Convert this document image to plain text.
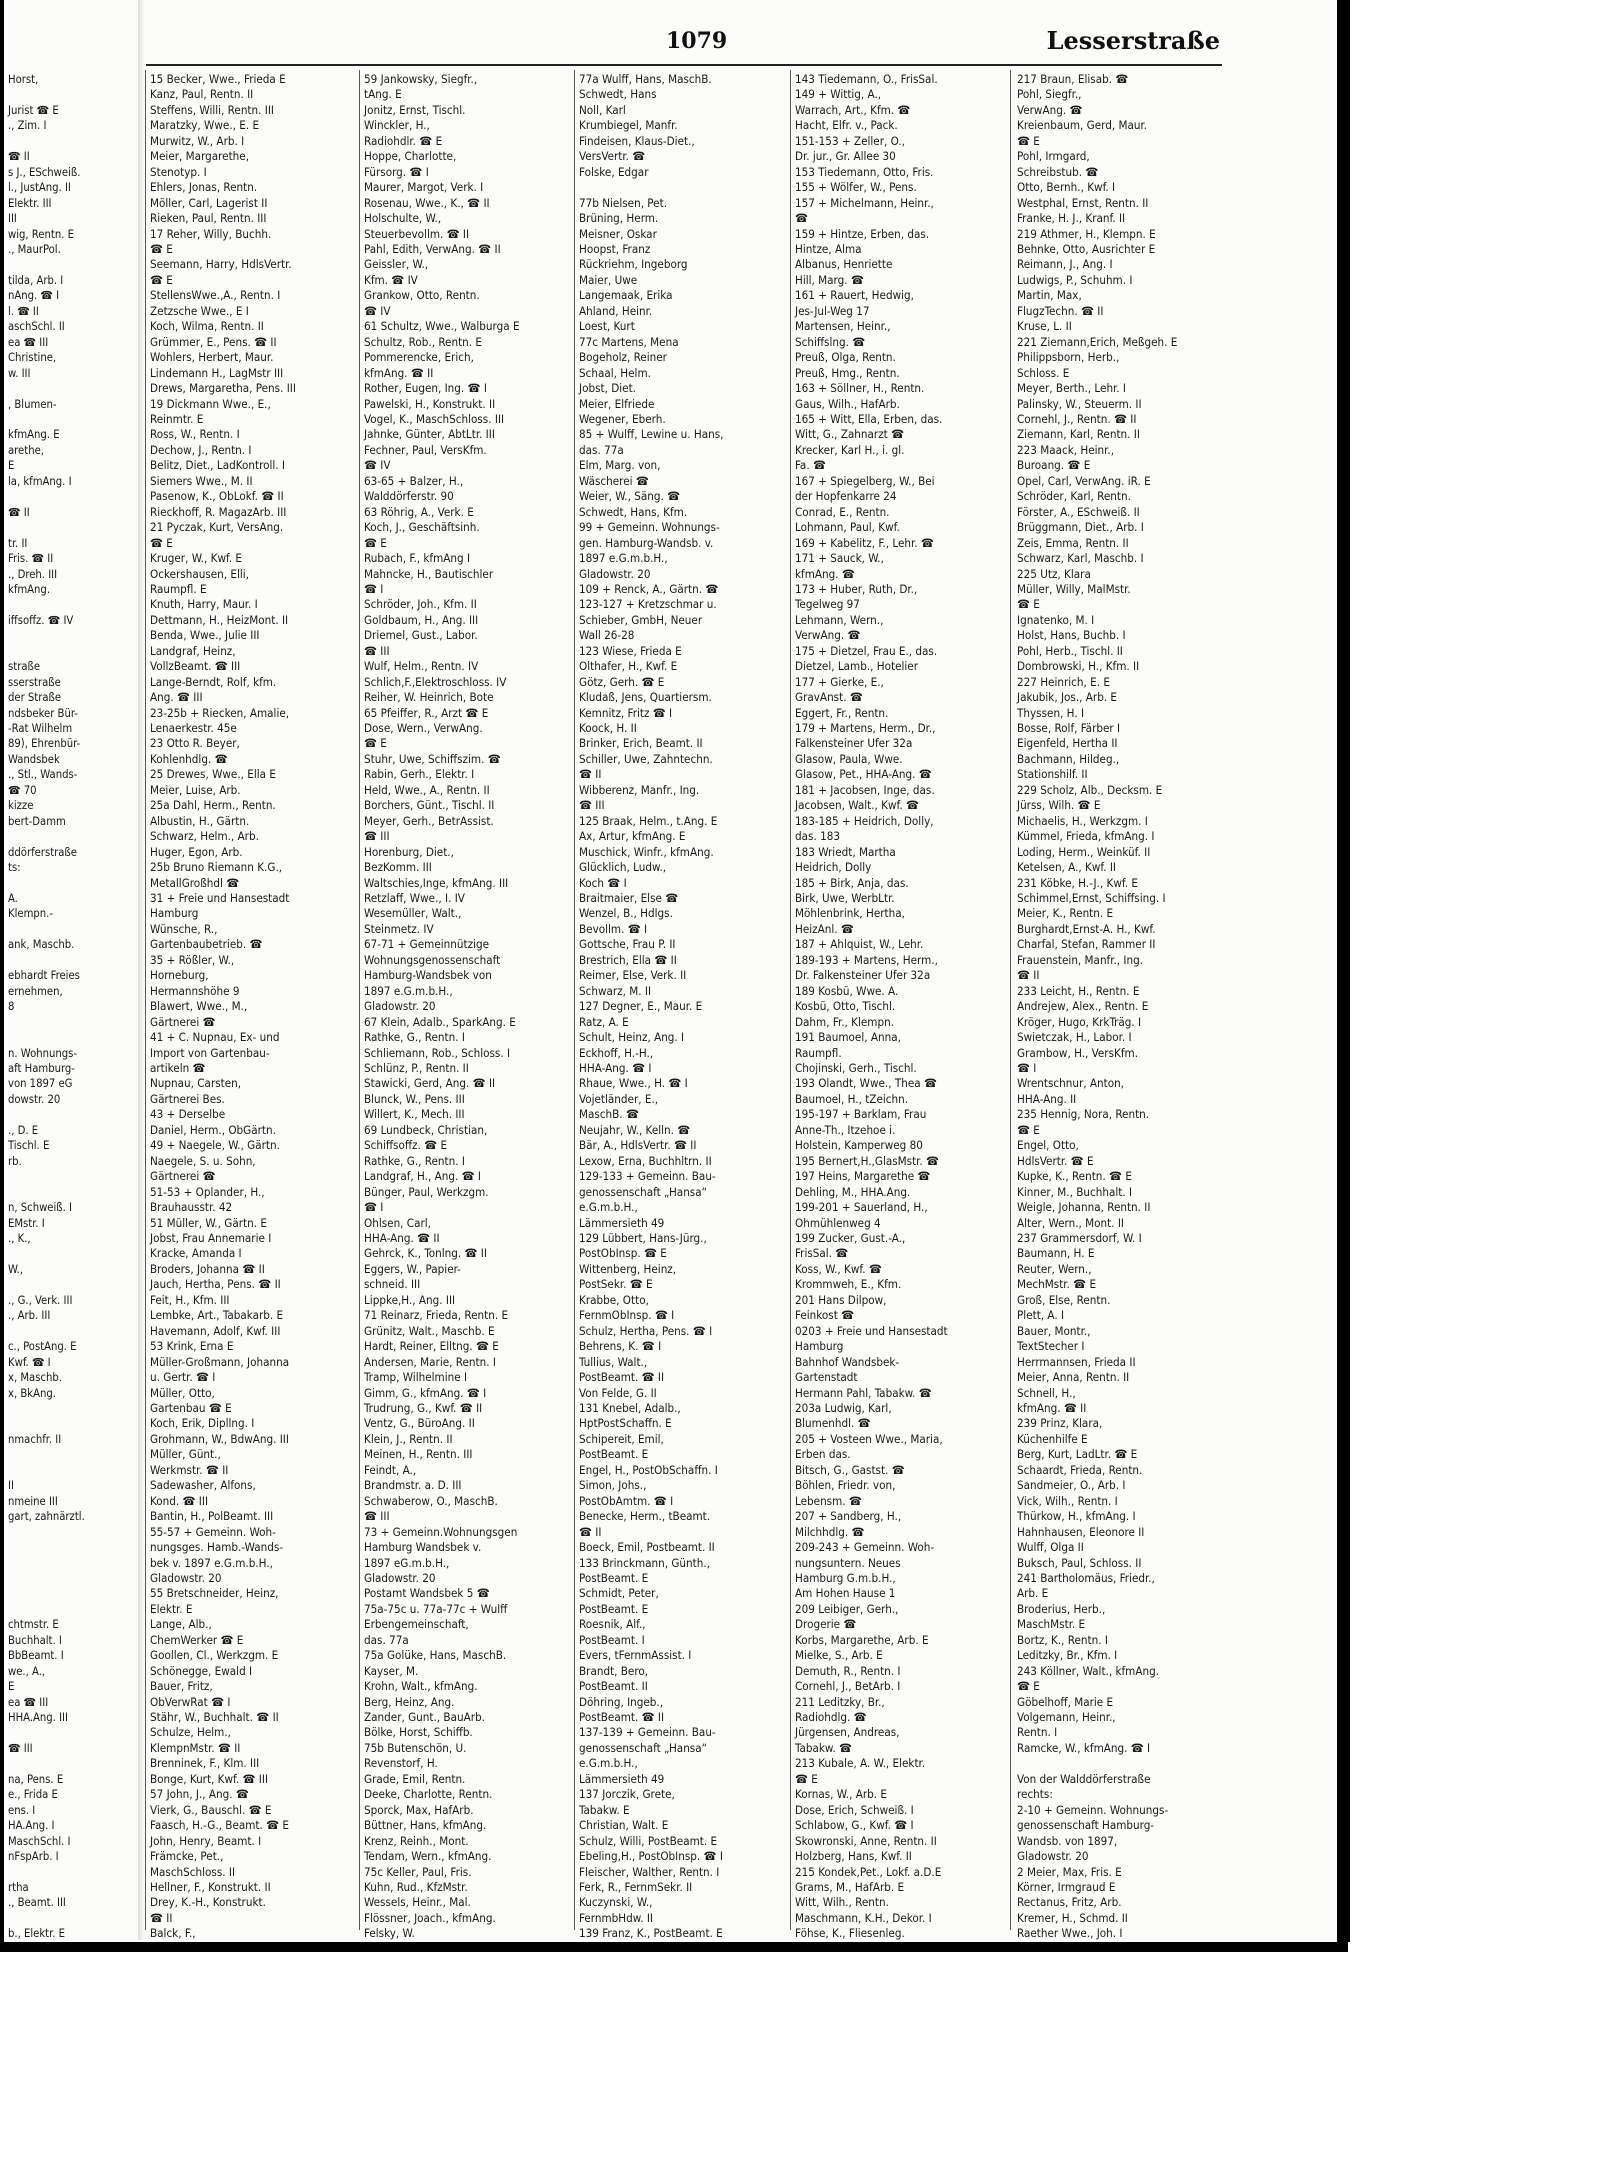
1079	Lesserstraße
Horst,

Jurist ☎ E
., Zim. I

☎ II
s J., ESchweiß.
l., JustAng. II
Elektr. III
III
wig, Rentn. E
., MaurPol.

tilda, Arb. I
nAng. ☎ I
l. ☎ II
aschSchl. II
ea ☎ III
Christine,
w. III

, Blumen-

kfmAng. E
arethe,
E
la, kfmAng. I

☎ II

tr. II
Fris. ☎ II
., Dreh. III
kfmAng.

iffsoffz. ☎ IV

straße
sserstraße
der Straße
ndsbeker Bür-
-Rat Wilhelm
89), Ehrenbür-
Wandsbek
., Stl., Wands-
☎ 70
kizze
bert-Damm

ddörferstraße
ts:

A.
Klempn.-

ank, Maschb.

ebhardt Freies
ernehmen,
8

n. Wohnungs-
aft Hamburg-
von 1897 eG
dowstr. 20

., D. E
Tischl. E
rb.

n, Schweiß. I
EMstr. I
., K.,

W.,

., G., Verk. III
., Arb. III

c., PostAng. E
Kwf. ☎ I
x, Maschb.
x, BkAng.

nmachfr. II

II
nmeine III
gart, zahnärztl.

chtmstr. E
Buchhalt. I
BbBeamt. I
we., A.,
E
ea ☎ III
HHA.Ang. III

☎ III

na, Pens. E
e., Frida E
ens. I
HA.Ang. I
MaschSchl. I
nFspArb. I

rtha
., Beamt. III

b., Elektr. E

15 Becker, Wwe., Frieda E
Kanz, Paul, Rentn. II
Steffens, Willi, Rentn. III
Maratzky, Wwe., E. E
Murwitz, W., Arb. I
Meier, Margarethe,
Stenotyp. I
Ehlers, Jonas, Rentn.
Möller, Carl, Lagerist II
Rieken, Paul, Rentn. III
17 Reher, Willy, Buchh.
☎ E
Seemann, Harry, HdlsVertr.
☎ E
StellensWwe.,A., Rentn. I
Zetzsche Wwe., E I
Koch, Wilma, Rentn. II
Grümmer, E., Pens. ☎ II
Wohlers, Herbert, Maur.
Lindemann H., LagMstr III
Drews, Margaretha, Pens. III
19 Dickmann Wwe., E.,
Reinmtr. E
Ross, W., Rentn. I
Dechow, J., Rentn. I
Belitz, Diet., LadKontroll. I
Siemers Wwe., M. II
Pasenow, K., ObLokf. ☎ II
Rieckhoff, R. MagazArb. III
21 Pyczak, Kurt, VersAng.
☎ E
Kruger, W., Kwf. E
Ockershausen, Elli,
Raumpfl. E
Knuth, Harry, Maur. I
Dettmann, H., HeizMont. II
Benda, Wwe., Julie III
Landgraf, Heinz,
VollzBeamt. ☎ III
Lange-Berndt, Rolf, kfm.
Ang. ☎ III
23-25b + Riecken, Amalie,
Lenaerkestr. 45e
23 Otto R. Beyer,
Kohlenhdlg. ☎
25 Drewes, Wwe., Ella E
Meier, Luise, Arb.
25a Dahl, Herm., Rentn.
Albustin, H., Gärtn.
Schwarz, Helm., Arb.
Huger, Egon, Arb.
25b Bruno Riemann K.G.,
MetallGroßhdl ☎
31 + Freie und Hansestadt
Hamburg
Wünsche, R.,
Gartenbaubetrieb. ☎
35 + Rößler, W.,
Horneburg,
Hermannshöhe 9
Blawert, Wwe., M.,
Gärtnerei ☎
41 + C. Nupnau, Ex- und
Import von Gartenbau-
artikeln ☎
Nupnau, Carsten,
Gärtnerei Bes.
43 + Derselbe
Daniel, Herm., ObGärtn.
49 + Naegele, W., Gärtn.
Naegele, S. u. Sohn,
Gärtnerei ☎
51-53 + Oplander, H.,
Brauhausstr. 42
51 Müller, W., Gärtn. E
Jobst, Frau Annemarie I
Kracke, Amanda I
Broders, Johanna ☎ II
Jauch, Hertha, Pens. ☎ II
Feit, H., Kfm. III
Lembke, Art., Tabakarb. E
Havemann, Adolf, Kwf. III
53 Krink, Erna E
Müller-Großmann, Johanna
u. Gertr. ☎ I
Müller, Otto,
Gartenbau ☎ E
Koch, Erik, Dipllng. I
Grohmann, W., BdwAng. III
Müller, Günt.,
Werkmstr. ☎ II
Sadewasher, Alfons,
Kond. ☎ III
Bantin, H., PolBeamt. III
55-57 + Gemeinn. Woh-
nungsges. Hamb.-Wands-
bek v. 1897 e.G.m.b.H.,
Gladowstr. 20
55 Bretschneider, Heinz,
Elektr. E
Lange, Alb.,
ChemWerker ☎ E
Goollen, Cl., Werkzgm. E
Schönegge, Ewald I
Bauer, Fritz,
ObVerwRat ☎ I
Stähr, W., Buchhalt. ☎ II
Schulze, Helm.,
KlempnMstr. ☎ II
Brenninek, F., Klm. III
Bonge, Kurt, Kwf. ☎ III
57 John, J., Ang. ☎
Vierk, G., Bauschl. ☎ E
Faasch, H.-G., Beamt. ☎ E
John, Henry, Beamt. I
Främcke, Pet.,
MaschSchloss. II
Hellner, F., Konstrukt. II
Drey, K.-H., Konstrukt.
☎ II
Balck, F.,
59 Jankowsky, Siegfr.,
tAng. E
Jonitz, Ernst, Tischl.
Winckler, H.,
Radiohdlr. ☎ E
Hoppe, Charlotte,
Fürsorg. ☎ I
Maurer, Margot, Verk. I
Rosenau, Wwe., K., ☎ II
Holschulte, W.,
Steuerbevollm. ☎ II
Pahl, Edith, VerwAng. ☎ II
Geissler, W.,
Kfm. ☎ IV
Grankow, Otto, Rentn.
☎ IV
61 Schultz, Wwe., Walburga E
Schultz, Rob., Rentn. E
Pommerencke, Erich,
kfmAng. ☎ II
Rother, Eugen, Ing. ☎ I
Pawelski, H., Konstrukt. II
Vogel, K., MaschSchloss. III
Jahnke, Günter, AbtLtr. III
Fechner, Paul, VersKfm.
☎ IV
63-65 + Balzer, H.,
Walddörferstr. 90
63 Röhrig, A., Verk. E
Koch, J., Geschäftsinh.
☎ E
Rubach, F., kfmAng I
Mahncke, H., Bautischler
☎ I
Schröder, Joh., Kfm. II
Goldbaum, H., Ang. III
Driemel, Gust., Labor.
☎ III
Wulf, Helm., Rentn. IV
Schlich,F.,Elektroschloss. IV
Reiher, W. Heinrich, Bote
65 Pfeiffer, R., Arzt ☎ E
Dose, Wern., VerwAng.
☎ E
Stuhr, Uwe, Schiffszim. ☎
Rabin, Gerh., Elektr. I
Held, Wwe., A., Rentn. II
Borchers, Günt., Tischl. II
Meyer, Gerh., BetrAssist.
☎ III
Horenburg, Diet.,
BezKomm. III
Waltschies,Inge, kfmAng. III
Retzlaff, Wwe., I. IV
Wesemüller, Walt.,
Steinmetz. IV
67-71 + Gemeinnützige
Wohnungsgenossenschaft
Hamburg-Wandsbek von
1897 e.G.m.b.H.,
Gladowstr. 20
67 Klein, Adalb., SparkAng. E
Rathke, G., Rentn. I
Schliemann, Rob., Schloss. I
Schlünz, P., Rentn. II
Stawicki, Gerd, Ang. ☎ II
Blunck, W., Pens. III
Willert, K., Mech. III
69 Lundbeck, Christian,
Schiffsoffz. ☎ E
Rathke, G., Rentn. I
Landgraf, H., Ang. ☎ I
Bünger, Paul, Werkzgm.
☎ I
Ohlsen, Carl,
HHA-Ang. ☎ II
Gehrck, K., Tonlng. ☎ II
Eggers, W., Papier-
schneid. III
Lippke,H., Ang. III
71 Reinarz, Frieda, Rentn. E
Grünitz, Walt., Maschb. E
Hardt, Reiner, Elltng. ☎ E
Andersen, Marie, Rentn. I
Tramp, Wilhelmine I
Gimm, G., kfmAng. ☎ I
Trudrung, G., Kwf. ☎ II
Ventz, G., BüroAng. II
Klein, J., Rentn. II
Meinen, H., Rentn. III
Feindt, A.,
Brandmstr. a. D. III
Schwaberow, O., MaschB.
☎ III
73 + Gemeinn.Wohnungsgen
Hamburg Wandsbek v.
1897 eG.m.b.H.,
Gladowstr. 20
Postamt Wandsbek 5 ☎
75a-75c u. 77a-77c + Wulff
Erbengemeinschaft,
das. 77a
75a Golüke, Hans, MaschB.
Kayser, M.
Krohn, Walt., kfmAng.
Berg, Heinz, Ang.
Zander, Gunt., BauArb.
Bölke, Horst, Schiffb.
75b Butenschön, U.
Revenstorf, H.
Grade, Emil, Rentn.
Deeke, Charlotte, Rentn.
Sporck, Max, HafArb.
Büttner, Hans, kfmAng.
Krenz, Reinh., Mont.
Tendam, Wern., kfmAng.
75c Keller, Paul, Fris.
Kuhn, Rud., KfzMstr.
Wessels, Heinr., Mal.
Flössner, Joach., kfmAng.
Felsky, W.
77a Wulff, Hans, MaschB.
Schwedt, Hans
Noll, Karl
Krumbiegel, Manfr.
Findeisen, Klaus-Diet.,
VersVertr. ☎
Folske, Edgar

77b Nielsen, Pet.
Brüning, Herm.
Meisner, Oskar
Hoopst, Franz
Rückriehm, Ingeborg
Maier, Uwe
Langemaak, Erika
Ahland, Heinr.
Loest, Kurt
77c Martens, Mena
Bogeholz, Reiner
Schaal, Helm.
Jobst, Diet.
Meier, Elfriede
Wegener, Eberh.
85 + Wulff, Lewine u. Hans,
das. 77a
Elm, Marg. von,
Wäscherei ☎
Weier, W., Säng. ☎
Schwedt, Hans, Kfm.
99 + Gemeinn. Wohnungs-
gen. Hamburg-Wandsb. v.
1897 e.G.m.b.H.,
Gladowstr. 20
109 + Renck, A., Gärtn. ☎
123-127 + Kretzschmar u.
Schieber, GmbH, Neuer
Wall 26-28
123 Wiese, Frieda E
Olthafer, H., Kwf. E
Götz, Gerh. ☎ E
Kludaß, Jens, Quartiersm.
Kemnitz, Fritz ☎ I
Koock, H. II
Brinker, Erich, Beamt. II
Schiller, Uwe, Zahntechn.
☎ II
Wibberenz, Manfr., Ing.
☎ III
125 Braak, Helm., t.Ang. E
Ax, Artur, kfmAng. E
Muschick, Winfr., kfmAng.
Glücklich, Ludw.,
Koch ☎ I
Braitmaier, Else ☎
Wenzel, B., Hdlgs.
Bevollm. ☎ I
Gottsche, Frau P. II
Brestrich, Ella ☎ II
Reimer, Else, Verk. II
Schwarz, M. II
127 Degner, E., Maur. E
Ratz, A. E
Schult, Heinz, Ang. I
Eckhoff, H.-H.,
HHA-Ang. ☎ I
Rhaue, Wwe., H. ☎ I
Vojetländer, E.,
MaschB. ☎
Neujahr, W., Kelln. ☎
Bär, A., HdlsVertr. ☎ II
Lexow, Erna, Buchhltrn. II
129-133 + Gemeinn. Bau-
genossenschaft „Hansa“
e.G.m.b.H.,
Lämmersieth 49
129 Lübbert, Hans-Jürg.,
PostObInsp. ☎ E
Wittenberg, Heinz,
PostSekr. ☎ E
Krabbe, Otto,
FernmObInsp. ☎ I
Schulz, Hertha, Pens. ☎ I
Behrens, K. ☎ I
Tullius, Walt.,
PostBeamt. ☎ II
Von Felde, G. II
131 Knebel, Adalb.,
HptPostSchaffn. E
Schipereit, Emil,
PostBeamt. E
Engel, H., PostObSchaffn. I
Simon, Johs.,
PostObAmtm. ☎ I
Benecke, Herm., tBeamt.
☎ II
Boeck, Emil, Postbeamt. II
133 Brinckmann, Günth.,
PostBeamt. E
Schmidt, Peter,
PostBeamt. E
Roesnik, Alf.,
PostBeamt. I
Evers, tFernmAssist. I
Brandt, Bero,
PostBeamt. II
Döhring, Ingeb.,
PostBeamt. ☎ II
137-139 + Gemeinn. Bau-
genossenschaft „Hansa“
e.G.m.b.H.,
Lämmersieth 49
137 Jorczik, Grete,
Tabakw. E
Christian, Walt. E
Schulz, Willi, PostBeamt. E
Ebeling,H., PostObInsp. ☎ I
Fleischer, Walther, Rentn. I
Ferk, R., FernmSekr. II
Kuczynski, W.,
FernmbHdw. II
139 Franz, K., PostBeamt. E
143 Tiedemann, O., FrisSal.
149 + Wittig, A.,
Warrach, Art., Kfm. ☎
Hacht, Elfr. v., Pack.
151-153 + Zeller, O.,
Dr. jur., Gr. Allee 30
153 Tiedemann, Otto, Fris.
155 + Wölfer, W., Pens.
157 + Michelmann, Heinr.,
☎
159 + Hintze, Erben, das.
Hintze, Alma
Albanus, Henriette
Hill, Marg. ☎
161 + Rauert, Hedwig,
Jes-Jul-Weg 17
Martensen, Heinr.,
Schiffslng. ☎
Preuß, Olga, Rentn.
Preuß, Hmg., Rentn.
163 + Söllner, H., Rentn.
Gaus, Wilh., HafArb.
165 + Witt, Ella, Erben, das.
Witt, G., Zahnarzt ☎
Krecker, Karl H., i. gl.
Fa. ☎
167 + Spiegelberg, W., Bei
der Hopfenkarre 24
Conrad, E., Rentn.
Lohmann, Paul, Kwf.
169 + Kabelitz, F., Lehr. ☎
171 + Sauck, W.,
kfmAng. ☎
173 + Huber, Ruth, Dr.,
Tegelweg 97
Lehmann, Wern.,
VerwAng. ☎
175 + Dietzel, Frau E., das.
Dietzel, Lamb., Hotelier
177 + Gierke, E.,
GravAnst. ☎
Eggert, Fr., Rentn.
179 + Martens, Herm., Dr.,
Falkensteiner Ufer 32a
Glasow, Paula, Wwe.
Glasow, Pet., HHA-Ang. ☎
181 + Jacobsen, Inge, das.
Jacobsen, Walt., Kwf. ☎
183-185 + Heidrich, Dolly,
das. 183
183 Wriedt, Martha
Heidrich, Dolly
185 + Birk, Anja, das.
Birk, Uwe, WerbLtr.
Möhlenbrink, Hertha,
HeizAnl. ☎
187 + Ahlquist, W., Lehr.
189-193 + Martens, Herm.,
Dr. Falkensteiner Ufer 32a
189 Kosbü, Wwe. A.
Kosbü, Otto, Tischl.
Dahm, Fr., Klempn.
191 Baumoel, Anna,
Raumpfl.
Chojinski, Gerh., Tischl.
193 Olandt, Wwe., Thea ☎
Baumoel, H., tZeichn.
195-197 + Barklam, Frau
Anne-Th., Itzehoe i.
Holstein, Kamperweg 80
195 Bernert,H.,GlasMstr. ☎
197 Heins, Margarethe ☎
Dehling, M., HHA.Ang.
199-201 + Sauerland, H.,
Ohmühlenweg 4
199 Zucker, Gust.-A.,
FrisSal. ☎
Koss, W., Kwf. ☎
Krommweh, E., Kfm.
201 Hans Dilpow,
Feinkost ☎
0203 + Freie und Hansestadt
Hamburg
Bahnhof Wandsbek-
Gartenstadt
Hermann Pahl, Tabakw. ☎
203a Ludwig, Karl,
Blumenhdl. ☎
205 + Vosteen Wwe., Maria,
Erben das.
Bitsch, G., Gastst. ☎
Böhlen, Friedr. von,
Lebensm. ☎
207 + Sandberg, H.,
Milchhdlg. ☎
209-243 + Gemeinn. Woh-
nungsuntern. Neues
Hamburg G.m.b.H.,
Am Hohen Hause 1
209 Leibiger, Gerh.,
Drogerie ☎
Korbs, Margarethe, Arb. E
Mielke, S., Arb. E
Demuth, R., Rentn. I
Cornehl, J., BetArb. I
211 Leditzky, Br.,
Radiohdlg. ☎
Jürgensen, Andreas,
Tabakw. ☎
213 Kubale, A. W., Elektr.
☎ E
Kornas, W., Arb. E
Dose, Erich, Schweiß. I
Schlabow, G., Kwf. ☎ I
Skowronski, Anne, Rentn. II
Holzberg, Hans, Kwf. II
215 Kondek,Pet., Lokf. a.D.E
Grams, M., HafArb. E
Witt, Wilh., Rentn.
Maschmann, K.H., Dekor. I
Föhse, K., Fliesenleg.
217 Braun, Elisab. ☎
Pohl, Siegfr.,
VerwAng. ☎
Kreienbaum, Gerd, Maur.
☎ E
Pohl, Irmgard,
Schreibstub. ☎
Otto, Bernh., Kwf. I
Westphal, Ernst, Rentn. II
Franke, H. J., Kranf. II
219 Athmer, H., Klempn. E
Behnke, Otto, Ausrichter E
Reimann, J., Ang. I
Ludwigs, P., Schuhm. I
Martin, Max,
FlugzTechn. ☎ II
Kruse, L. II
221 Ziemann,Erich, Meßgeh. E
Philippsborn, Herb.,
Schloss. E
Meyer, Berth., Lehr. I
Palinsky, W., Steuerm. II
Cornehl, J., Rentn. ☎ II
Ziemann, Karl, Rentn. II
223 Maack, Heinr.,
Buroang. ☎ E
Opel, Carl, VerwAng. iR. E
Schröder, Karl, Rentn.
Förster, A., ESchweiß. II
Brüggmann, Diet., Arb. I
Zeis, Emma, Rentn. II
Schwarz, Karl, Maschb. I
225 Utz, Klara
Müller, Willy, MalMstr.
☎ E
Ignatenko, M. I
Holst, Hans, Buchb. I
Pohl, Herb., Tischl. II
Dombrowski, H., Kfm. II
227 Heinrich, E. E
Jakubik, Jos., Arb. E
Thyssen, H. I
Bosse, Rolf, Färber I
Eigenfeld, Hertha II
Bachmann, Hildeg.,
Stationshilf. II
229 Scholz, Alb., Decksm. E
Jürss, Wilh. ☎ E
Michaelis, H., Werkzgm. I
Kümmel, Frieda, kfmAng. I
Loding, Herm., Weinküf. II
Ketelsen, A., Kwf. II
231 Köbke, H.-J., Kwf. E
Schimmel,Ernst, Schiffsing. I
Meier, K., Rentn. E
Burghardt,Ernst-A. H., Kwf.
Charfal, Stefan, Rammer II
Frauenstein, Manfr., Ing.
☎ II
233 Leicht, H., Rentn. E
Andrejew, Alex., Rentn. E
Kröger, Hugo, KrkTräg. I
Swietczak, H., Labor. I
Grambow, H., VersKfm.
☎ I
Wrentschnur, Anton,
HHA-Ang. II
235 Hennig, Nora, Rentn.
☎ E
Engel, Otto,
HdlsVertr. ☎ E
Kupke, K., Rentn. ☎ E
Kinner, M., Buchhalt. I
Weigle, Johanna, Rentn. II
Alter, Wern., Mont. II
237 Grammersdorf, W. I
Baumann, H. E
Reuter, Wern.,
MechMstr. ☎ E
Groß, Else, Rentn.
Plett, A. I
Bauer, Montr.,
TextStecher I
Herrmannsen, Frieda II
Meier, Anna, Rentn. II
Schnell, H.,
kfmAng. ☎ II
239 Prinz, Klara,
Küchenhilfe E
Berg, Kurt, LadLtr. ☎ E
Schaardt, Frieda, Rentn.
Sandmeier, O., Arb. I
Vick, Wilh., Rentn. I
Thürkow, H., kfmAng. I
Hahnhausen, Eleonore II
Wulff, Olga II
Buksch, Paul, Schloss. II
241 Bartholomäus, Friedr.,
Arb. E
Broderius, Herb.,
MaschMstr. E
Bortz, K., Rentn. I
Leditzky, Br., Kfm. I
243 Köllner, Walt., kfmAng.
☎ E
Göbelhoff, Marie E
Volgemann, Heinr.,
Rentn. I
Ramcke, W., kfmAng. ☎ I

Von der Walddörferstraße
rechts:
2-10 + Gemeinn. Wohnungs-
genossenschaft Hamburg-
Wandsb. von 1897,
Gladowstr. 20
2 Meier, Max, Fris. E
Körner, Irmgraud E
Rectanus, Fritz, Arb.
Kremer, H., Schmd. II
Raether Wwe., Joh. I
